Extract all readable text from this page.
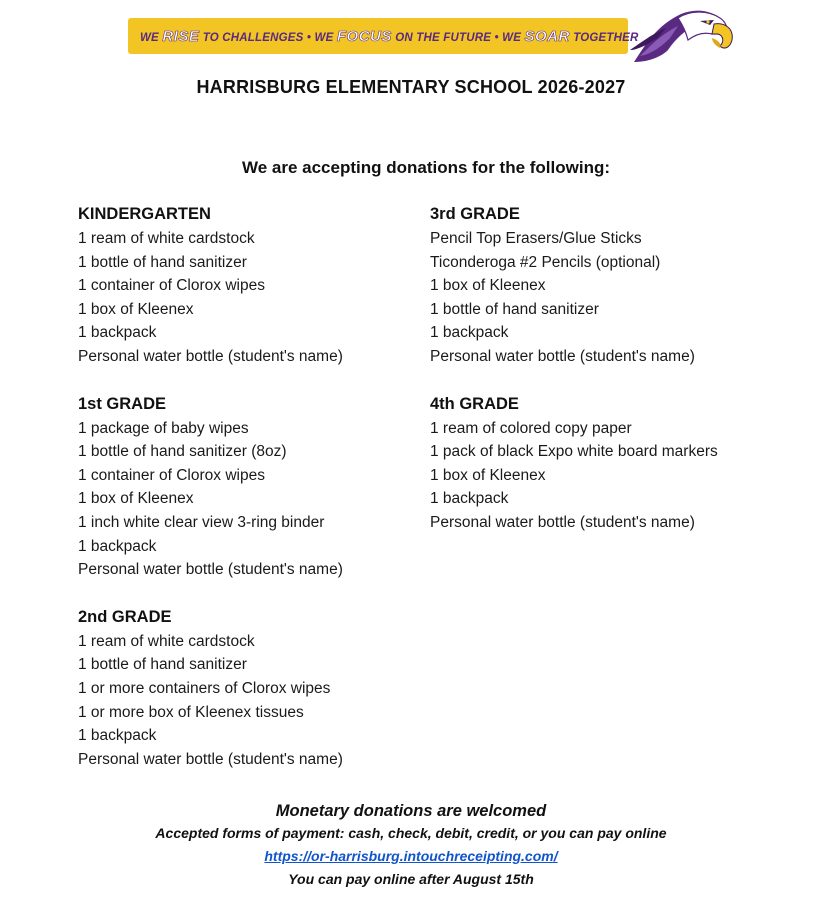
WE RISE TO CHALLENGES • WE FOCUS ON THE FUTURE • WE SOAR TOGETHER
HARRISBURG ELEMENTARY SCHOOL 2026-2027
We are accepting donations for the following:
KINDERGARTEN
1 ream of white cardstock
1 bottle of hand sanitizer
1 container of Clorox wipes
1 box of Kleenex
1 backpack
Personal water bottle (student's name)
1st GRADE
1 package of baby wipes
1 bottle of hand sanitizer (8oz)
1 container of Clorox wipes
1 box of Kleenex
1 inch white clear view 3-ring binder
1 backpack
Personal water bottle (student's name)
2nd GRADE
1 ream of white cardstock
1 bottle of hand sanitizer
1 or more containers of Clorox wipes
1 or more box of Kleenex tissues
1 backpack
Personal water bottle (student's name)
3rd GRADE
Pencil Top Erasers/Glue Sticks
Ticonderoga #2 Pencils (optional)
1 box of Kleenex
1 bottle of hand sanitizer
1 backpack
Personal water bottle (student's name)
4th GRADE
1 ream of colored copy paper
1 pack of black Expo white board markers
1 box of Kleenex
1 backpack
Personal water bottle (student's name)
Monetary donations are welcomed
Accepted forms of payment: cash, check, debit, credit, or you can pay online
https://or-harrisburg.intouchreceipting.com/
You can pay online after August 15th
